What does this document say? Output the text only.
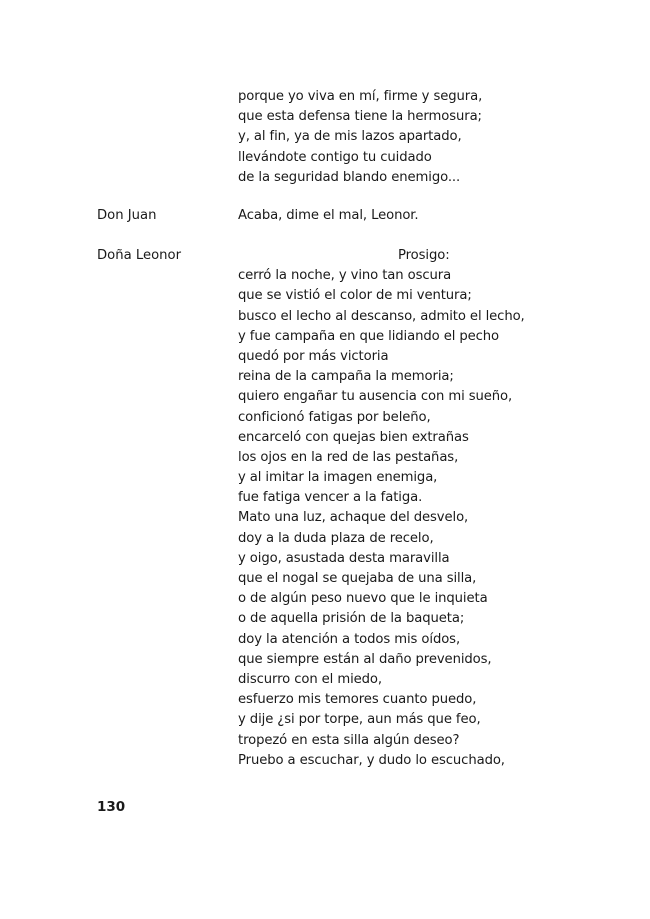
porque yo viva en mí, firme y segura,
que esta defensa tiene la hermosura;
y, al fin, ya de mis lazos apartado,
llevándote contigo tu cuidado
de la seguridad blando enemigo...
Don Juan	Acaba, dime el mal, Leonor.
Doña Leonor	Prosigo:
cerró la noche, y vino tan oscura
que se vistió el color de mi ventura;
busco el lecho al descanso, admito el lecho,
y fue campaña en que lidiando el pecho
quedó por más victoria
reina de la campaña la memoria;
quiero engañar tu ausencia con mi sueño,
conficionó fatigas por beleño,
encarceló con quejas bien extrañas
los ojos en la red de las pestañas,
y al imitar la imagen enemiga,
fue fatiga vencer a la fatiga.
Mato una luz, achaque del desvelo,
doy a la duda plaza de recelo,
y oigo, asustada desta maravilla
que el nogal se quejaba de una silla,
o de algún peso nuevo que le inquieta
o de aquella prisión de la baqueta;
doy la atención a todos mis oídos,
que siempre están al daño prevenidos,
discurro con el miedo,
esfuerzo mis temores cuanto puedo,
y dije ¿si por torpe, aun más que feo,
tropezó en esta silla algún deseo?
Pruebo a escuchar, y dudo lo escuchado,
130
